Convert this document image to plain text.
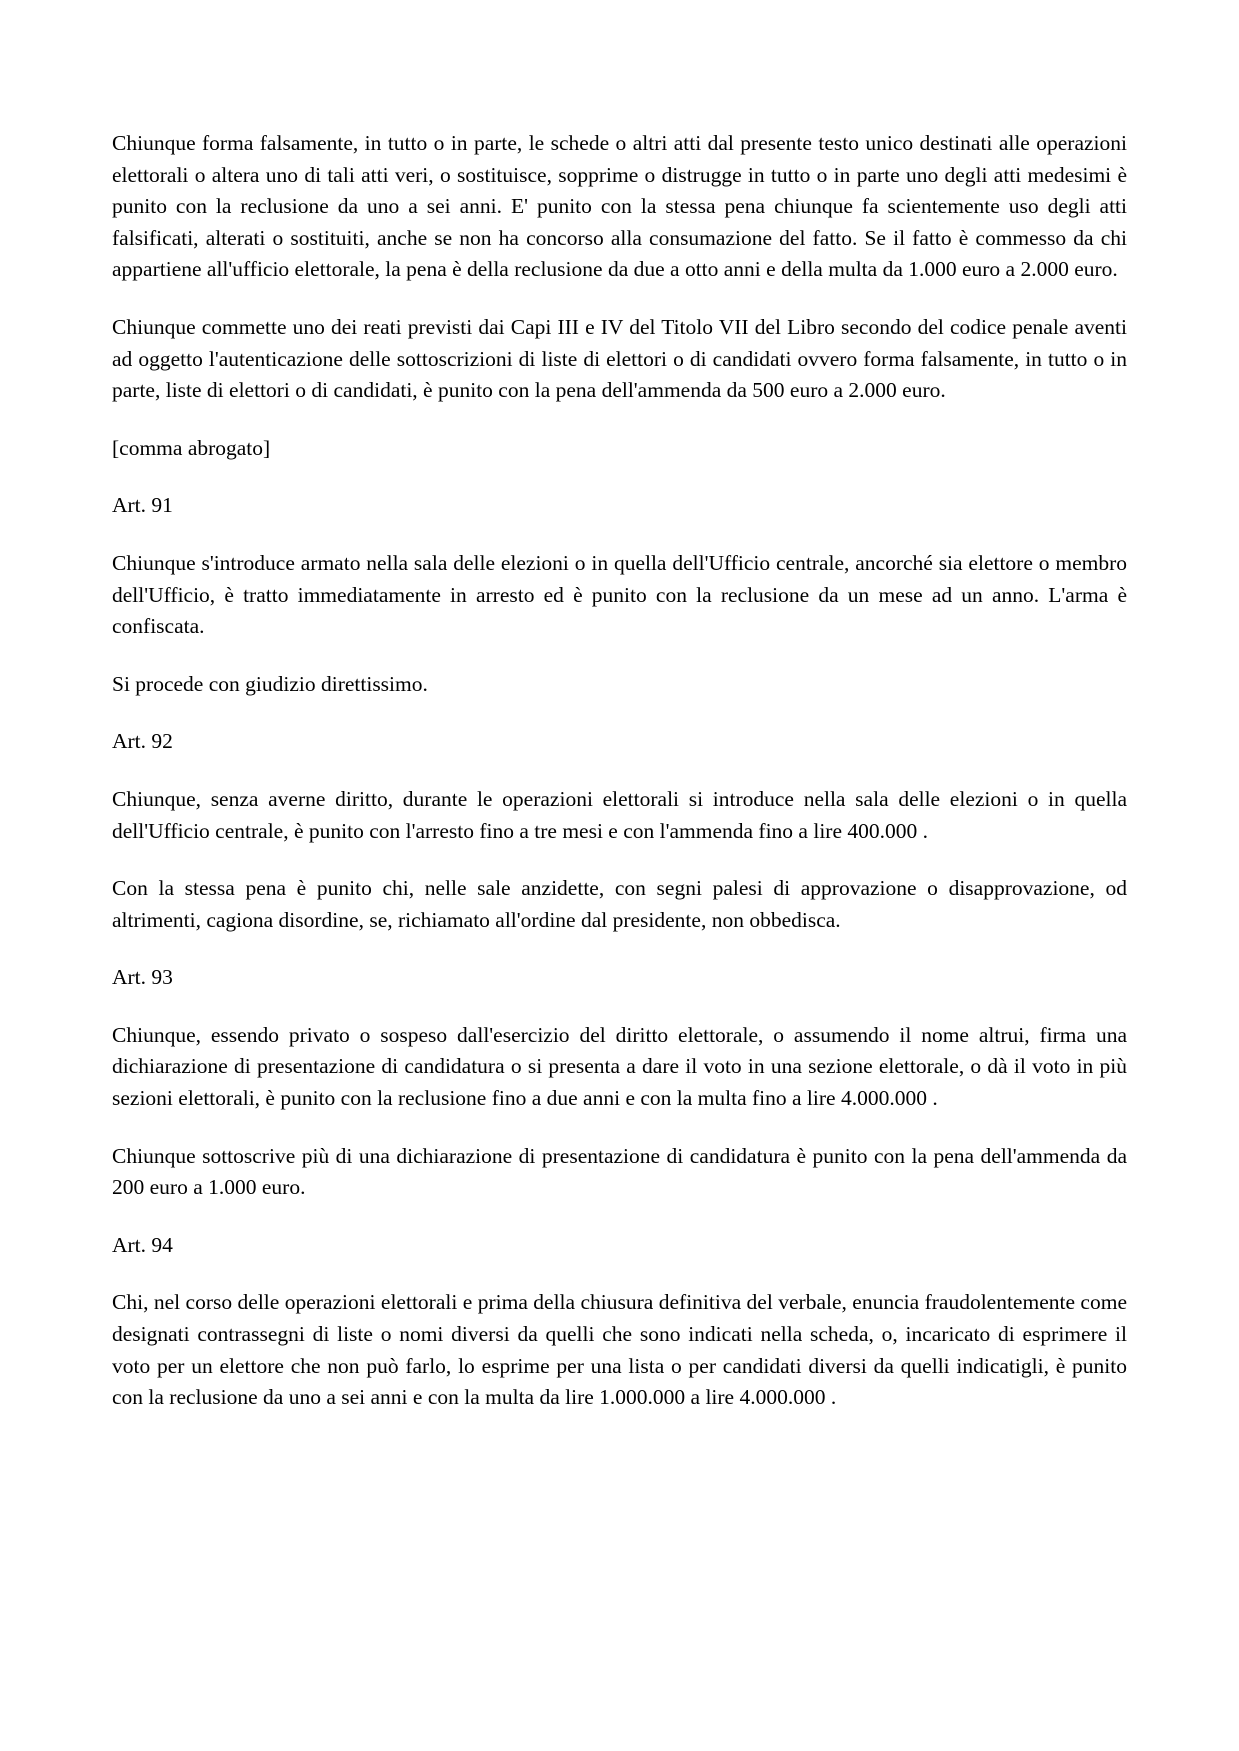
Chiunque forma falsamente, in tutto o in parte, le schede o altri atti dal presente testo unico destinati alle operazioni elettorali o altera uno di tali atti veri, o sostituisce, sopprime o distrugge in tutto o in parte uno degli atti medesimi è punito con la reclusione da uno a sei anni. E' punito con la stessa pena chiunque fa scientemente uso degli atti falsificati, alterati o sostituiti, anche se non ha concorso alla consumazione del fatto. Se il fatto è commesso da chi appartiene all'ufficio elettorale, la pena è della reclusione da due a otto anni e della multa da 1.000 euro a 2.000 euro.

Chiunque commette uno dei reati previsti dai Capi III e IV del Titolo VII del Libro secondo del codice penale aventi ad oggetto l'autenticazione delle sottoscrizioni di liste di elettori o di candidati ovvero forma falsamente, in tutto o in parte, liste di elettori o di candidati, è punito con la pena dell'ammenda da 500 euro a 2.000 euro.

[comma abrogato]

Art. 91

Chiunque s'introduce armato nella sala delle elezioni o in quella dell'Ufficio centrale, ancorché sia elettore o membro dell'Ufficio, è tratto immediatamente in arresto ed è punito con la reclusione da un mese ad un anno. L'arma è confiscata.

Si procede con giudizio direttissimo.

Art. 92

Chiunque, senza averne diritto, durante le operazioni elettorali si introduce nella sala delle elezioni o in quella dell'Ufficio centrale, è punito con l'arresto fino a tre mesi e con l'ammenda fino a lire 400.000 .

Con la stessa pena è punito chi, nelle sale anzidette, con segni palesi di approvazione o disapprovazione, od altrimenti, cagiona disordine, se, richiamato all'ordine dal presidente, non obbedisca.

Art. 93

Chiunque, essendo privato o sospeso dall'esercizio del diritto elettorale, o assumendo il nome altrui, firma una dichiarazione di presentazione di candidatura o si presenta a dare il voto in una sezione elettorale, o dà il voto in più sezioni elettorali, è punito con la reclusione fino a due anni e con la multa fino a lire 4.000.000 .

Chiunque sottoscrive più di una dichiarazione di presentazione di candidatura è punito con la pena dell'ammenda da 200 euro a 1.000 euro.

Art. 94

Chi, nel corso delle operazioni elettorali e prima della chiusura definitiva del verbale, enuncia fraudolentemente come designati contrassegni di liste o nomi diversi da quelli che sono indicati nella scheda, o, incaricato di esprimere il voto per un elettore che non può farlo, lo esprime per una lista o per candidati diversi da quelli indicatigli, è punito con la reclusione da uno a sei anni e con la multa da lire 1.000.000 a lire 4.000.000 .
